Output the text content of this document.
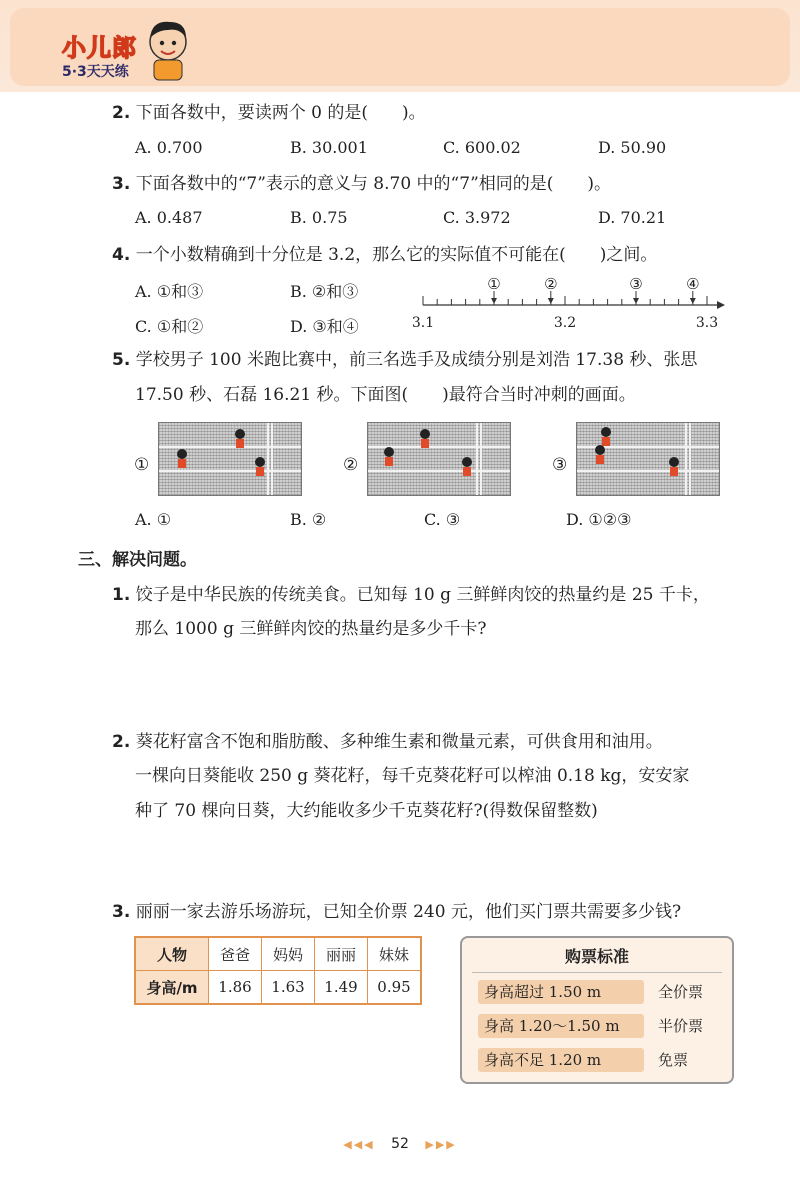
小儿郎
5·3天天练
2. 下面各数中，要读两个 0 的是(　　)。
A. 0.700	B. 30.001	C. 600.02	D. 50.90
3. 下面各数中的“7”表示的意义与 8.70 中的“7”相同的是(　　)。
A. 0.487	B. 0.75	C. 3.972	D. 70.21
4. 一个小数精确到十分位是 3.2，那么它的实际值不可能在(　　)之间。
A. ①和③	B. ②和③
C. ①和②	D. ③和④	3.1	3.2	3.3
①	②	③	④
5. 学校男子 100 米跑比赛中，前三名选手及成绩分别是刘浩 17.38 秒、张思
17.50 秒、石磊 16.21 秒。下面图(　　)最符合当时冲刺的画面。
①	②	③
A. ①	B. ②	C. ③	D. ①②③
三、解决问题。
1. 饺子是中华民族的传统美食。已知每 10 g 三鲜鲜肉饺的热量约是 25 千卡，
那么 1000 g 三鲜鲜肉饺的热量约是多少千卡?
2. 葵花籽富含不饱和脂肪酸、多种维生素和微量元素，可供食用和油用。
一棵向日葵能收 250 g 葵花籽，每千克葵花籽可以榨油 0.18 kg，安安家
种了 70 棵向日葵，大约能收多少千克葵花籽?(得数保留整数)
3. 丽丽一家去游乐场游玩，已知全价票 240 元，他们买门票共需要多少钱?
人物	爸爸	妈妈	丽丽	妹妹
身高/m	1.86	1.63	1.49	0.95
购票标准
身高超过 1.50 m	全价票
身高 1.20～1.50 m	半价票
身高不足 1.20 m	免票
◀◀◀ 52 ▶▶▶
